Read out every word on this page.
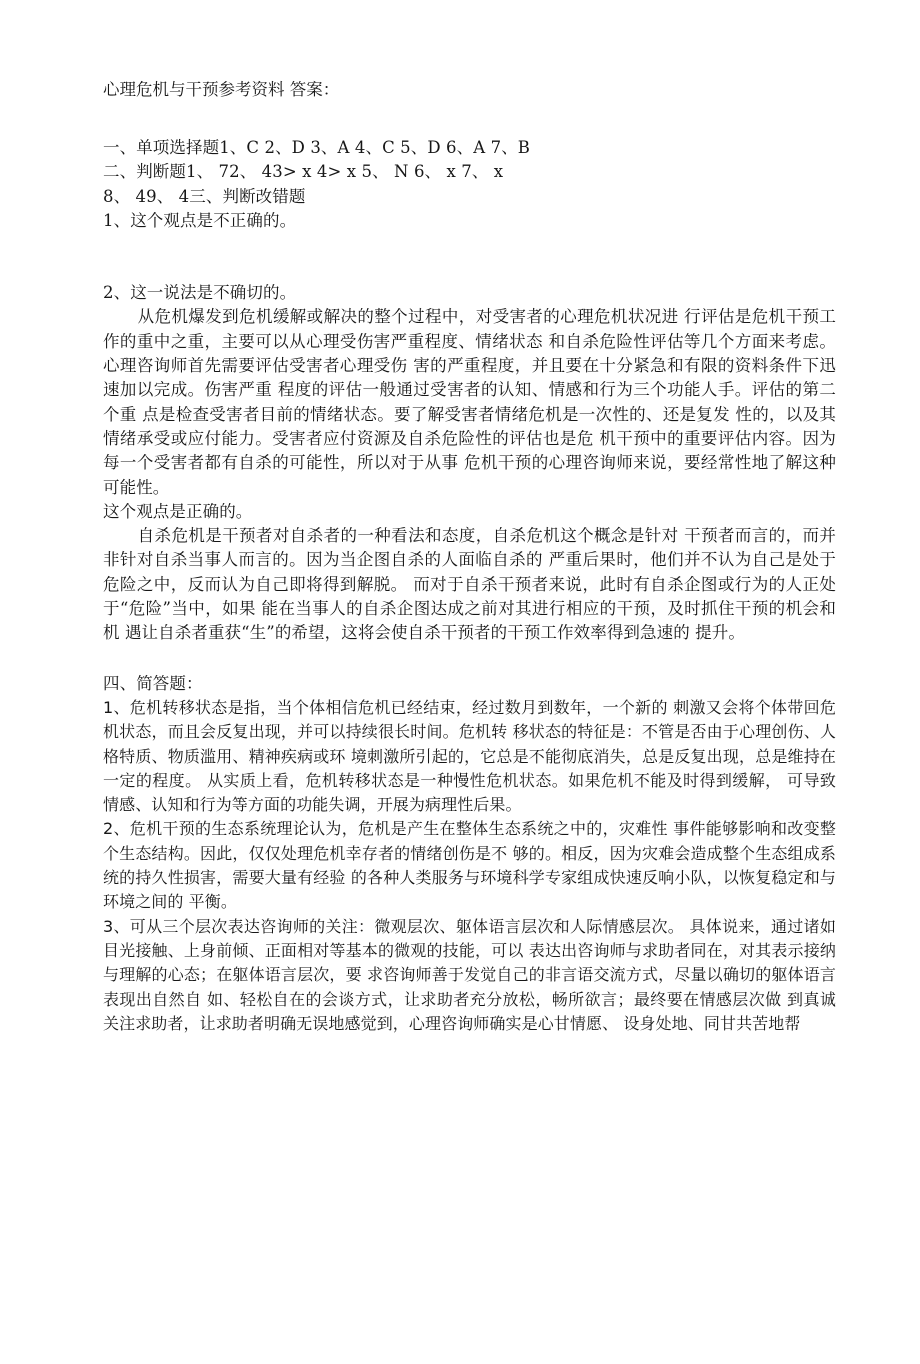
心理危机与干预参考资料 答案：

一、单项选择题1、C 2、D 3、A 4、C 5、D 6、A 7、B

二、判断题1、 72、 43> x 4> x 5、 N 6、 x 7、 x

8、 49、 4三、判断改错题

1、这个观点是不正确的。

2、这一说法是不确切的。

从危机爆发到危机缓解或解决的整个过程中，对受害者的心理危机状况进 行评估是危机干预工作的重中之重，主要可以从心理受伤害严重程度、情绪状态 和自杀危险性评估等几个方面来考虑。心理咨询师首先需要评估受害者心理受伤 害的严重程度，并且要在十分紧急和有限的资料条件下迅速加以完成。伤害严重 程度的评估一般通过受害者的认知、情感和行为三个功能人手。评估的第二个重 点是检查受害者目前的情绪状态。要了解受害者情绪危机是一次性的、还是复发 性的，以及其情绪承受或应付能力。受害者应付资源及自杀危险性的评估也是危 机干预中的重要评估内容。因为每一个受害者都有自杀的可能性，所以对于从事 危机干预的心理咨询师来说，要经常性地了解这种可能性。

这个观点是正确的。

自杀危机是干预者对自杀者的一种看法和态度，自杀危机这个概念是针对 干预者而言的，而并非针对自杀当事人而言的。因为当企图自杀的人面临自杀的 严重后果时，他们并不认为自己是处于危险之中，反而认为自己即将得到解脱。 而对于自杀干预者来说，此时有自杀企图或行为的人正处于“危险”当中，如果 能在当事人的自杀企图达成之前对其进行相应的干预，及时抓住干预的机会和机 遇让自杀者重获“生”的希望，这将会使自杀干预者的干预工作效率得到急速的 提升。

四、简答题：

1、危机转移状态是指，当个体相信危机已经结束，经过数月到数年，一个新的 刺激又会将个体带回危机状态，而且会反复出现，并可以持续很长时间。危机转 移状态的特征是：不管是否由于心理创伤、人格特质、物质滥用、精神疾病或环 境刺激所引起的，它总是不能彻底消失，总是反复出现，总是维持在一定的程度。 从实质上看，危机转移状态是一种慢性危机状态。如果危机不能及时得到缓解， 可导致情感、认知和行为等方面的功能失调，开展为病理性后果。

2、危机干预的生态系统理论认为，危机是产生在整体生态系统之中的，灾难性 事件能够影响和改变整个生态结构。因此，仅仅处理危机幸存者的情绪创伤是不 够的。相反，因为灾难会造成整个生态组成系统的持久性损害，需要大量有经验 的各种人类服务与环境科学专家组成快速反响小队，以恢复稳定和与环境之间的 平衡。

3、可从三个层次表达咨询师的关注：微观层次、躯体语言层次和人际情感层次。 具体说来，通过诸如目光接触、上身前倾、正面相对等基本的微观的技能，可以 表达出咨询师与求助者同在，对其表示接纳与理解的心态；在躯体语言层次，要 求咨询师善于发觉自己的非言语交流方式，尽量以确切的躯体语言表现出自然自 如、轻松自在的会谈方式，让求助者充分放松，畅所欲言；最终要在情感层次做 到真诚关注求助者，让求助者明确无误地感觉到，心理咨询师确实是心甘情愿、 设身处地、同甘共苦地帮
